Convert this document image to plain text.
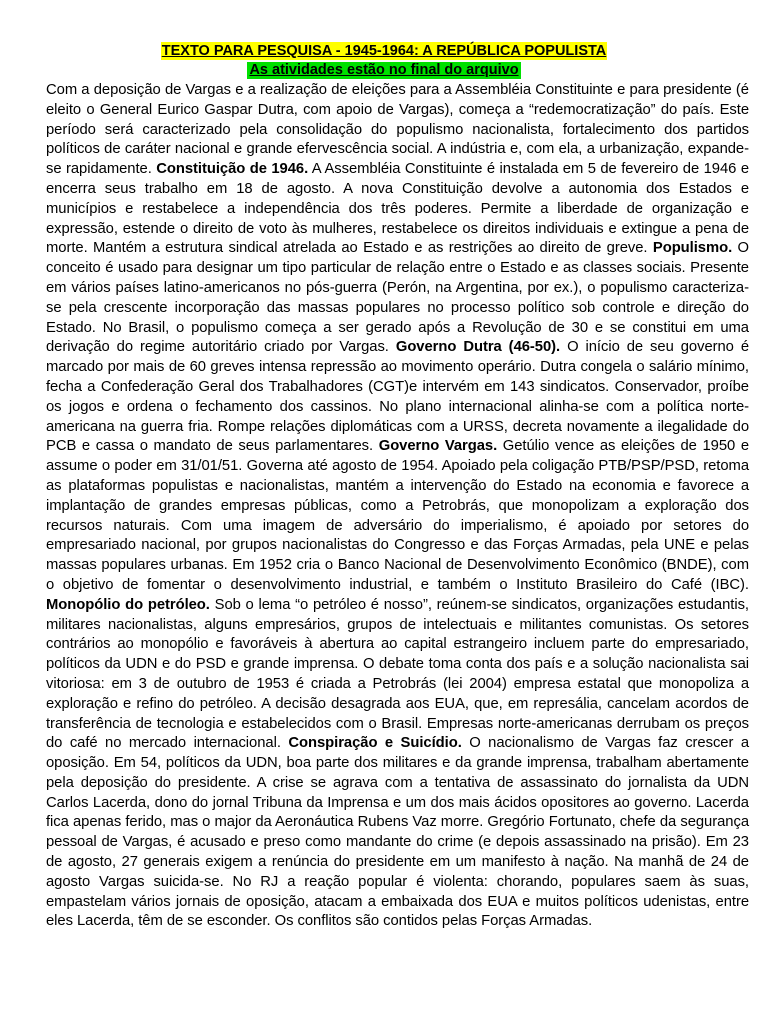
TEXTO PARA PESQUISA - 1945-1964: A REPÚBLICA POPULISTA
As atividades estão no final do arquivo

Com a deposição de Vargas e a realização de eleições para a Assembléia Constituinte e para presidente (é eleito o General Eurico Gaspar Dutra, com apoio de Vargas), começa a “redemocratização” do país. Este período será caracterizado pela consolidação do populismo nacionalista, fortalecimento dos partidos políticos de caráter nacional e grande efervescência social. A indústria e, com ela, a urbanização, expande-se rapidamente. Constituição de 1946. A Assembléia Constituinte é instalada em 5 de fevereiro de 1946 e encerra seus trabalho em 18 de agosto. A nova Constituição devolve a autonomia dos Estados e municípios e restabelece a independência dos três poderes. Permite a liberdade de organização e expressão, estende o direito de voto às mulheres, restabelece os direitos individuais e extingue a pena de morte. Mantém a estrutura sindical atrelada ao Estado e as restrições ao direito de greve. Populismo. O conceito é usado para designar um tipo particular de relação entre o Estado e as classes sociais. Presente em vários países latino-americanos no pós-guerra (Perón, na Argentina, por ex.), o populismo caracteriza-se pela crescente incorporação das massas populares no processo político sob controle e direção do Estado. No Brasil, o populismo começa a ser gerado após a Revolução de 30 e se constitui em uma derivação do regime autoritário criado por Vargas. Governo Dutra (46-50). O início de seu governo é marcado por mais de 60 greves intensa repressão ao movimento operário. Dutra congela o salário mínimo, fecha a Confederação Geral dos Trabalhadores (CGT)e intervém em 143 sindicatos. Conservador, proíbe os jogos e ordena o fechamento dos cassinos. No plano internacional alinha-se com a política norte-americana na guerra fria. Rompe relações diplomáticas com a URSS, decreta novamente a ilegalidade do PCB e cassa o mandato de seus parlamentares. Governo Vargas. Getúlio vence as eleições de 1950 e assume o poder em 31/01/51. Governa até agosto de 1954. Apoiado pela coligação PTB/PSP/PSD, retoma as plataformas populistas e nacionalistas, mantém a intervenção do Estado na economia e favorece a implantação de grandes empresas públicas, como a Petrobrás, que monopolizam a exploração dos recursos naturais. Com uma imagem de adversário do imperialismo, é apoiado por setores do empresariado nacional, por grupos nacionalistas do Congresso e das Forças Armadas, pela UNE e pelas massas populares urbanas. Em 1952 cria o Banco Nacional de Desenvolvimento Econômico (BNDE), com o objetivo de fomentar o desenvolvimento industrial, e também o Instituto Brasileiro do Café (IBC). Monopólio do petróleo. Sob o lema “o petróleo é nosso”, reúnem-se sindicatos, organizações estudantis, militares nacionalistas, alguns empresários, grupos de intelectuais e militantes comunistas. Os setores contrários ao monopólio e favoráveis à abertura ao capital estrangeiro incluem parte do empresariado, políticos da UDN e do PSD e grande imprensa. O debate toma conta dos país e a solução nacionalista sai vitoriosa: em 3 de outubro de 1953 é criada a Petrobrás (lei 2004) empresa estatal que monopoliza a exploração e refino do petróleo. A decisão desagrada aos EUA, que, em represália, cancelam acordos de transferência de tecnologia e estabelecidos com o Brasil. Empresas norte-americanas derrubam os preços do café no mercado internacional. Conspiração e Suicídio. O nacionalismo de Vargas faz crescer a oposição. Em 54, políticos da UDN, boa parte dos militares e da grande imprensa, trabalham abertamente pela deposição do presidente. A crise se agrava com a tentativa de assassinato do jornalista da UDN Carlos Lacerda, dono do jornal Tribuna da Imprensa e um dos mais ácidos opositores ao governo. Lacerda fica apenas ferido, mas o major da Aeronáutica Rubens Vaz morre. Gregório Fortunato, chefe da segurança pessoal de Vargas, é acusado e preso como mandante do crime (e depois assassinado na prisão). Em 23 de agosto, 27 generais exigem a renúncia do presidente em um manifesto à nação. Na manhã de 24 de agosto Vargas suicida-se. No RJ a reação popular é violenta: chorando, populares saem às suas, empastelam vários jornais de oposição, atacam a embaixada dos EUA e muitos políticos udenistas, entre eles Lacerda, têm de se esconder. Os conflitos são contidos pelas Forças Armadas.
